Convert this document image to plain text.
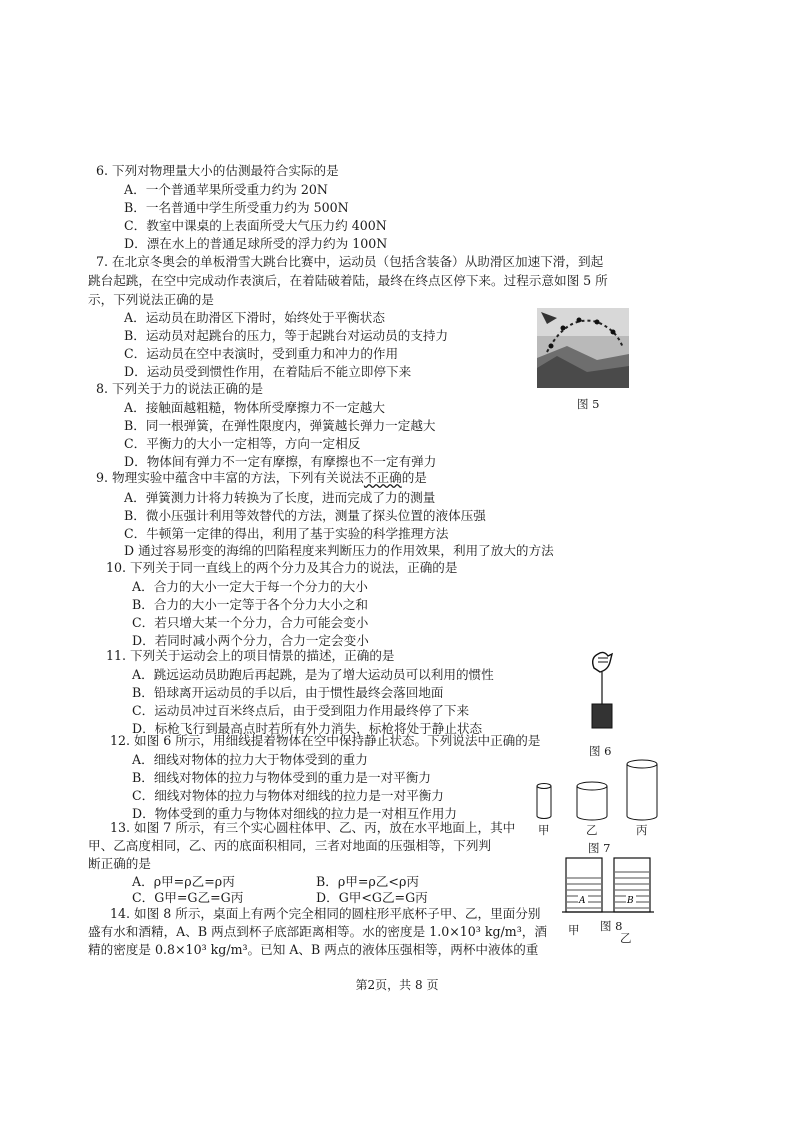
6. 下列对物理量大小的估测最符合实际的是
A．一个普通苹果所受重力约为 20N
B．一名普通中学生所受重力约为 500N
C．教室中课桌的上表面所受大气压力约 400N
D．漂在水上的普通足球所受的浮力约为 100N
7. 在北京冬奥会的单板滑雪大跳台比赛中，运动员（包括含装备）从助滑区加速下滑，到起
跳台起跳，在空中完成动作表演后，在着陆破着陆，最终在终点区停下来。过程示意如图 5 所
示，下列说法正确的是
A．运动员在助滑区下滑时，始终处于平衡状态
B．运动员对起跳台的压力，等于起跳台对运动员的支持力
C．运动员在空中表演时，受到重力和冲力的作用
D．运动员受到惯性作用，在着陆后不能立即停下来
图 5
8. 下列关于力的说法正确的是
A．接触面越粗糙，物体所受摩擦力不一定越大
B．同一根弹簧，在弹性限度内，弹簧越长弹力一定越大
C．平衡力的大小一定相等，方向一定相反
D．物体间有弹力不一定有摩擦，有摩擦也不一定有弹力
9. 物理实验中蕴含中丰富的方法，下列有关说法不正确的是
A．弹簧测力计将力转换为了长度，进而完成了力的测量
B．微小压强计利用等效替代的方法，测量了探头位置的液体压强
C．牛顿第一定律的得出，利用了基于实验的科学推理方法
D 通过容易形变的海绵的凹陷程度来判断压力的作用效果，利用了放大的方法
10. 下列关于同一直线上的两个分力及其合力的说法，正确的是
A．合力的大小一定大于每一个分力的大小
B．合力的大小一定等于各个分力大小之和
C．若只增大某一个分力，合力可能会变小
D．若同时减小两个分力，合力一定会变小
11. 下列关于运动会上的项目情景的描述，正确的是
A．跳远运动员助跑后再起跳，是为了增大运动员可以利用的惯性
B．铅球离开运动员的手以后，由于惯性最终会落回地面
C．运动员冲过百米终点后，由于受到阻力作用最终停了下来
D．标枪飞行到最高点时若所有外力消失，标枪将处于静止状态
图 6
12. 如图 6 所示，用细线提着物体在空中保持静止状态。下列说法中正确的是
A．细线对物体的拉力大于物体受到的重力
B．细线对物体的拉力与物体受到的重力是一对平衡力
C．细线对物体的拉力与物体对细线的拉力是一对平衡力
D．物体受到的重力与物体对细线的拉力是一对相互作用力
甲	乙	丙
图 7
13. 如图 7 所示，有三个实心圆柱体甲、乙、丙，放在水平地面上，其中
甲、乙高度相同，乙、丙的底面积相同，三者对地面的压强相等，下列判
断正确的是
A．ρ甲=ρ乙=ρ丙	B．ρ甲=ρ乙<ρ丙
C．G甲=G乙=G丙	D．G甲<G乙=G丙	A	B
甲
乙
图 8
14. 如图 8 所示，桌面上有两个完全相同的圆柱形平底杯子甲、乙，里面分别
盛有水和酒精，A、B 两点到杯子底部距离相等。水的密度是 1.0×10³ kg/m³，酒
精的密度是 0.8×10³ kg/m³。已知 A、B 两点的液体压强相等，两杯中液体的重
第2页，共 8 页
